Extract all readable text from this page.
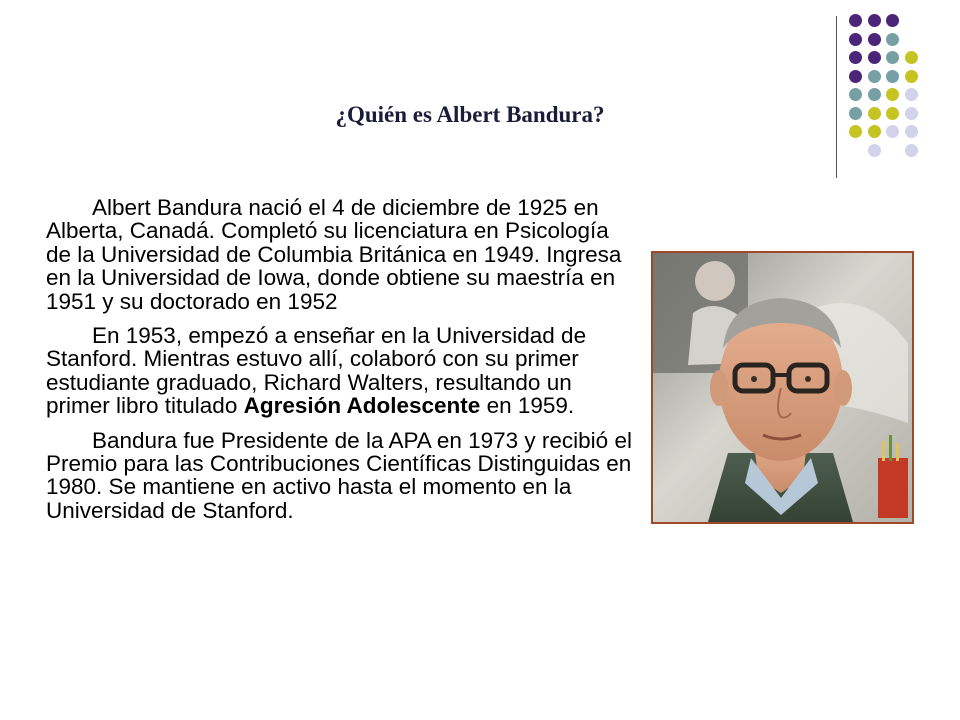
¿Quién es Albert Bandura?

Albert Bandura nació el 4 de diciembre de 1925 en Alberta, Canadá. Completó su licenciatura en Psicología de la Universidad de Columbia Británica en 1949. Ingresa en la Universidad de Iowa, donde obtiene su maestría en 1951 y su doctorado en 1952

En 1953, empezó a enseñar en la Universidad de Stanford. Mientras estuvo allí, colaboró con su primer estudiante graduado, Richard Walters, resultando un primer libro titulado Agresión Adolescente en 1959.

Bandura fue Presidente de la APA en 1973 y recibió el Premio para las Contribuciones Científicas Distinguidas en 1980. Se mantiene en activo hasta el momento en la Universidad de Stanford.
